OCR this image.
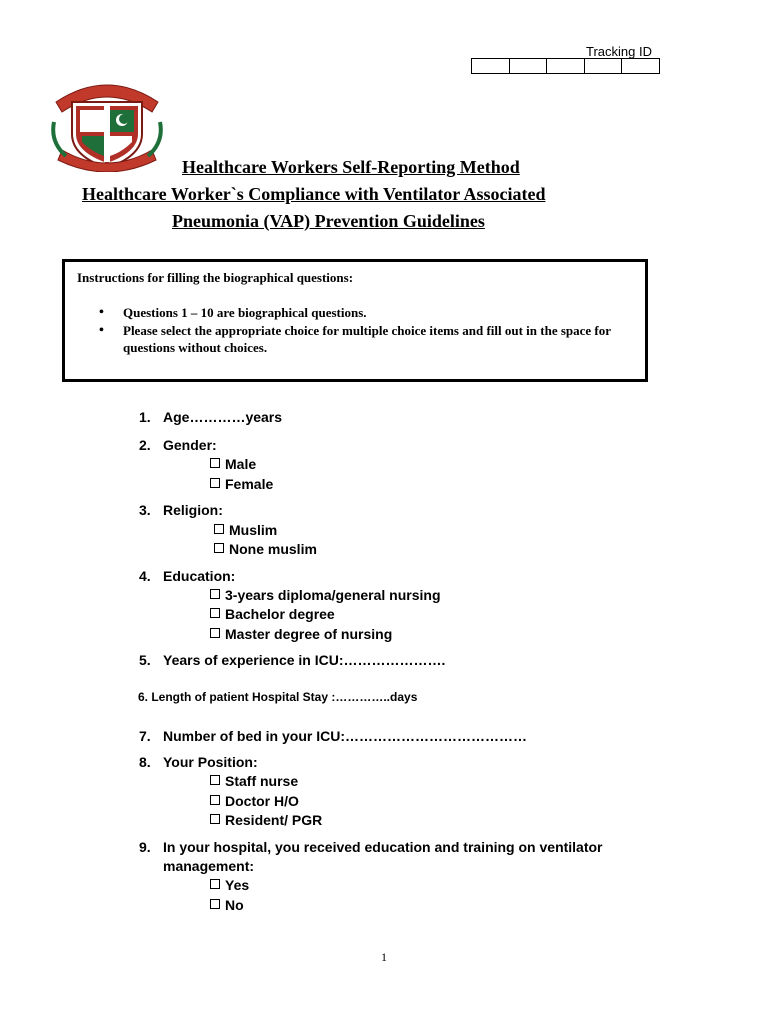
Tracking ID
Healthcare Workers Self-Reporting Method
Healthcare Worker`s Compliance with Ventilator Associated
Pneumonia (VAP) Prevention Guidelines
Instructions for filling the biographical questions:
• Questions 1 – 10 are biographical questions.
• Please select the appropriate choice for multiple choice items and fill out in the space for questions without choices.
1. Age…………years
2. Gender:
Male
Female
3. Religion:
Muslim
None muslim
4. Education:
3-years diploma/general nursing
Bachelor degree
Master degree of nursing
5. Years of experience in ICU:………………….
6. Length of patient Hospital Stay :…………..days
7. Number of bed in your ICU:…………………………………
8. Your Position:
Staff nurse
Doctor H/O
Resident/ PGR
9. In your hospital, you received education and training on ventilator
management:
Yes
No
1
